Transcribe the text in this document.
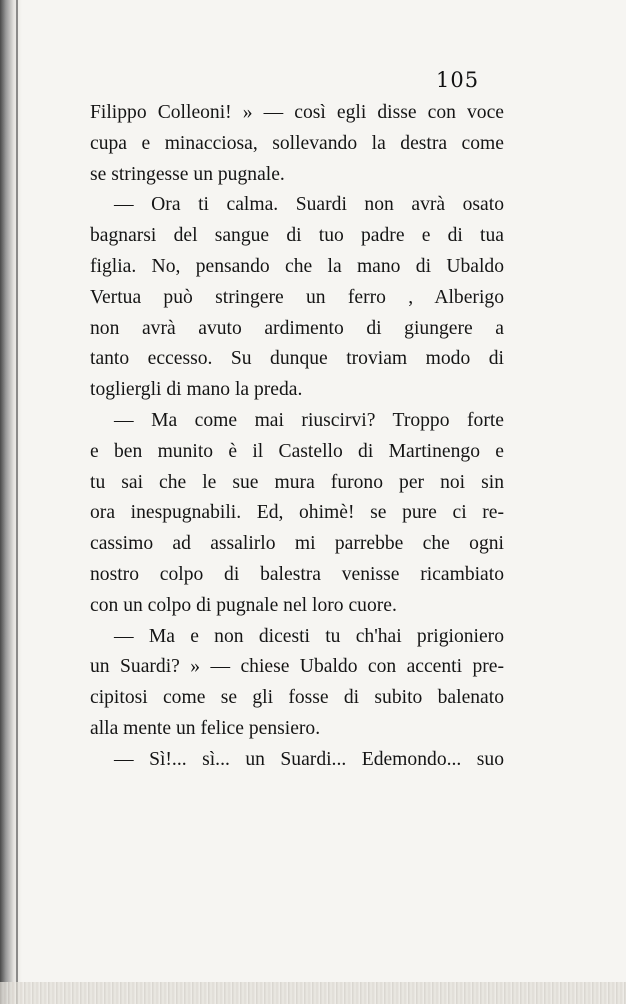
105
Filippo Colleoni! » — così egli disse con voce
cupa e minacciosa, sollevando la destra come
se stringesse un pugnale.
— Ora ti calma. Suardi non avrà osato
bagnarsi del sangue di tuo padre e di tua
figlia. No, pensando che la mano di Ubaldo
Vertua può stringere un ferro , Alberigo
non avrà avuto ardimento di giungere a
tanto eccesso. Su dunque troviam modo di
togliergli di mano la preda.
— Ma come mai riuscirvi? Troppo forte
e ben munito è il Castello di Martinengo e
tu sai che le sue mura furono per noi sin
ora inespugnabili. Ed, ohimè! se pure ci re-
cassimo ad assalirlo mi parrebbe che ogni
nostro colpo di balestra venisse ricambiato
con un colpo di pugnale nel loro cuore.
— Ma e non dicesti tu ch'hai prigioniero
un Suardi? » — chiese Ubaldo con accenti pre-
cipitosi come se gli fosse di subito balenato
alla mente un felice pensiero.
— Sì!... sì... un Suardi... Edemondo... suo
